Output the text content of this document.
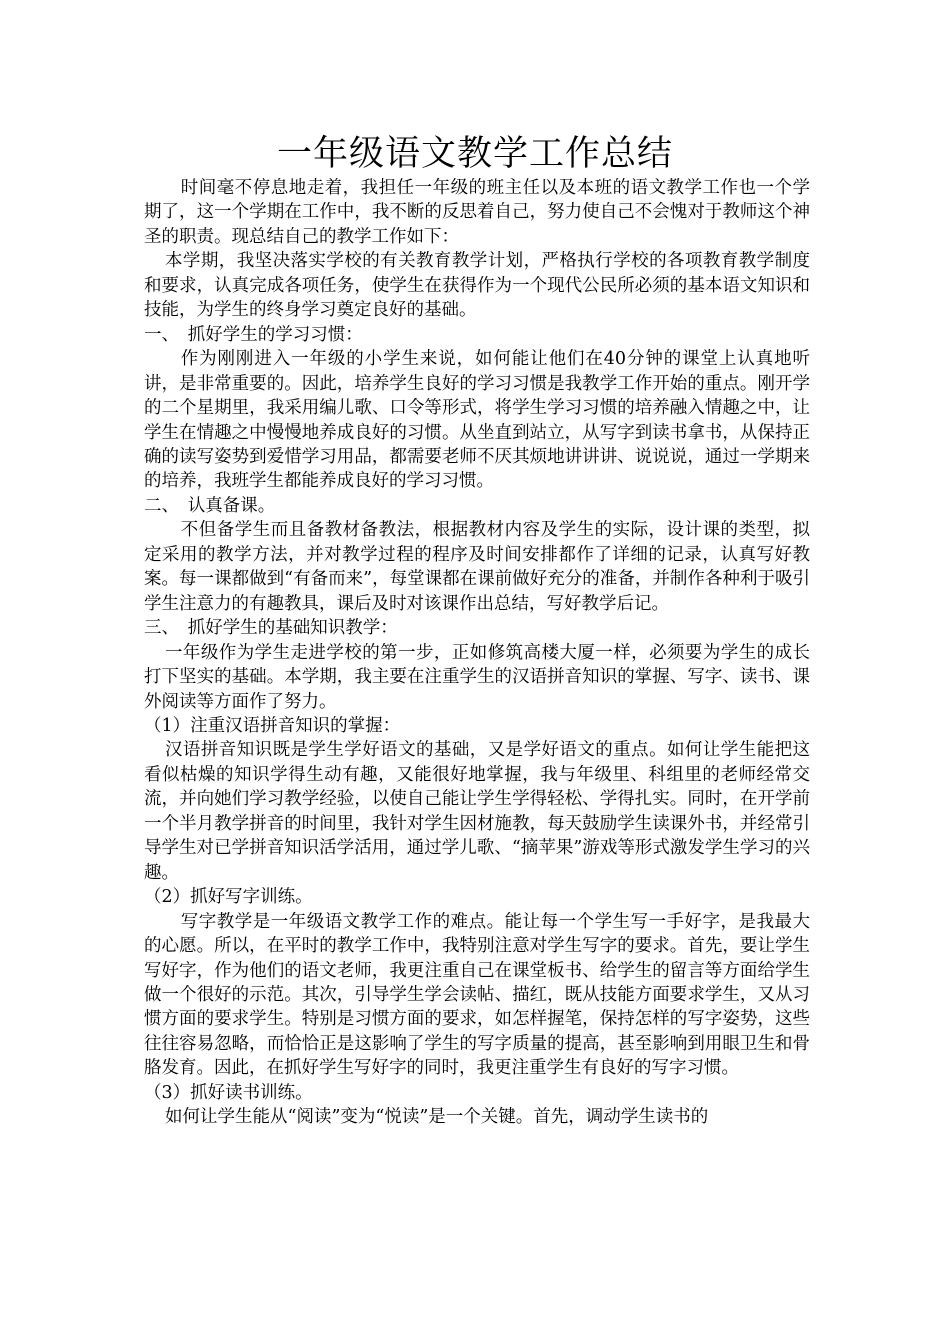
一年级语文教学工作总结

时间毫不停息地走着，我担任一年级的班主任以及本班的语文教学工作也一个学期了，这一个学期在工作中，我不断的反思着自己，努力使自己不会愧对于教师这个神圣的职责。现总结自己的教学工作如下：

本学期，我坚决落实学校的有关教育教学计划，严格执行学校的各项教育教学制度和要求，认真完成各项任务，使学生在获得作为一个现代公民所必须的基本语文知识和技能，为学生的终身学习奠定良好的基础。

一、　抓好学生的学习习惯：

作为刚刚进入一年级的小学生来说，如何能让他们在40分钟的课堂上认真地听讲，是非常重要的。因此，培养学生良好的学习习惯是我教学工作开始的重点。刚开学的二个星期里，我采用编儿歌、口令等形式，将学生学习习惯的培养融入情趣之中，让学生在情趣之中慢慢地养成良好的习惯。从坐直到站立，从写字到读书拿书，从保持正确的读写姿势到爱惜学习用品，都需要老师不厌其烦地讲讲讲、说说说，通过一学期来的培养，我班学生都能养成良好的学习习惯。

二、　认真备课。

不但备学生而且备教材备教法，根据教材内容及学生的实际，设计课的类型，拟定采用的教学方法，并对教学过程的程序及时间安排都作了详细的记录，认真写好教案。每一课都做到“有备而来”，每堂课都在课前做好充分的准备，并制作各种利于吸引学生注意力的有趣教具，课后及时对该课作出总结，写好教学后记。

三、　抓好学生的基础知识教学：

一年级作为学生走进学校的第一步，正如修筑高楼大厦一样，必须要为学生的成长打下坚实的基础。本学期，我主要在注重学生的汉语拼音知识的掌握、写字、读书、课外阅读等方面作了努力。

（1）注重汉语拼音知识的掌握：

汉语拼音知识既是学生学好语文的基础，又是学好语文的重点。如何让学生能把这看似枯燥的知识学得生动有趣，又能很好地掌握，我与年级里、科组里的老师经常交流，并向她们学习教学经验，以使自己能让学生学得轻松、学得扎实。同时，在开学前一个半月教学拼音的时间里，我针对学生因材施教，每天鼓励学生读课外书，并经常引导学生对已学拼音知识活学活用，通过学儿歌、“摘苹果”游戏等形式激发学生学习的兴趣。

（2）抓好写字训练。

写字教学是一年级语文教学工作的难点。能让每一个学生写一手好字，是我最大的心愿。所以，在平时的教学工作中，我特别注意对学生写字的要求。首先，要让学生写好字，作为他们的语文老师，我更注重自己在课堂板书、给学生的留言等方面给学生做一个很好的示范。其次，引导学生学会读帖、描红，既从技能方面要求学生，又从习惯方面的要求学生。特别是习惯方面的要求，如怎样握笔，保持怎样的写字姿势，这些往往容易忽略，而恰恰正是这影响了学生的写字质量的提高，甚至影响到用眼卫生和骨胳发育。因此，在抓好学生写好字的同时，我更注重学生有良好的写字习惯。

（3）抓好读书训练。

如何让学生能从“阅读”变为“悦读”是一个关键。首先，调动学生读书的
